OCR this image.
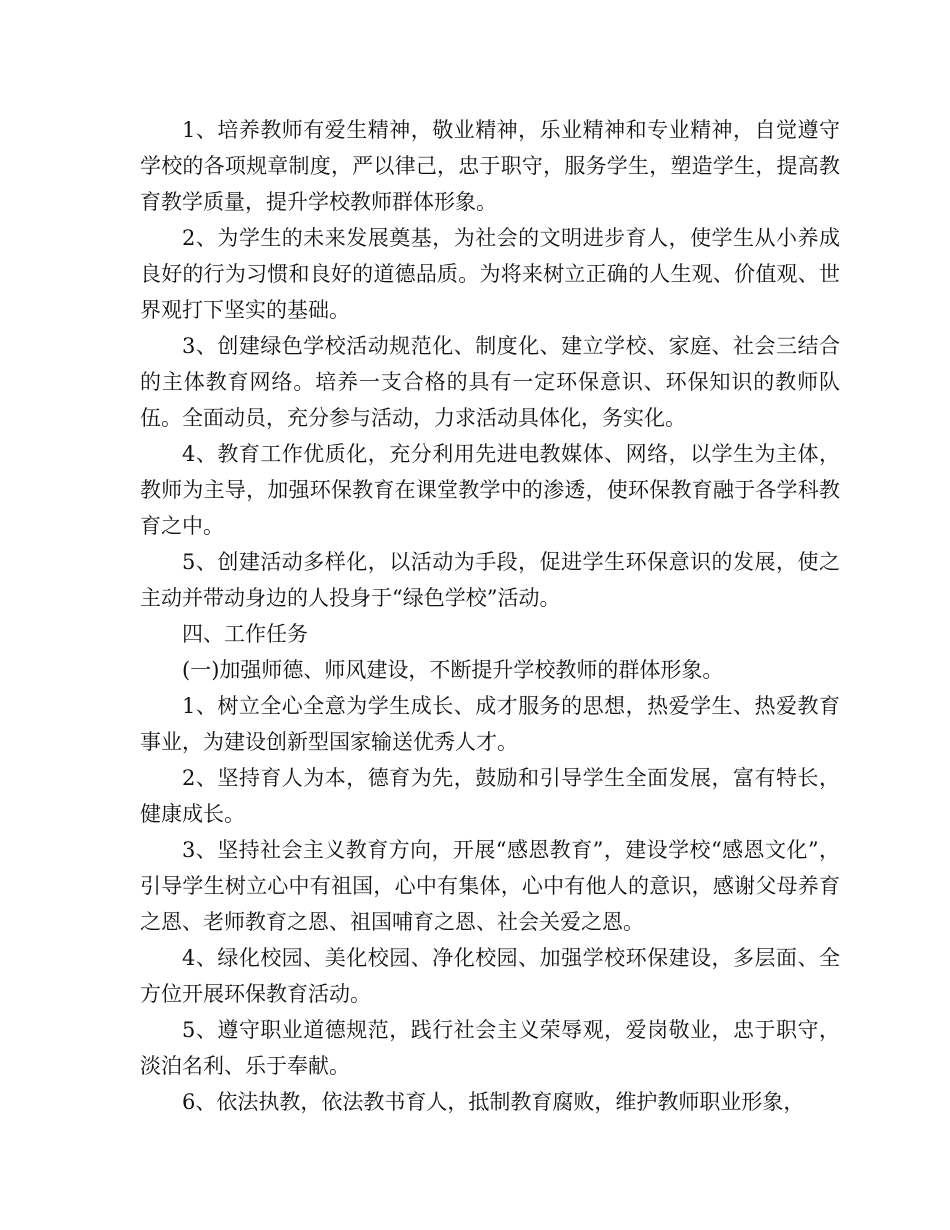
1、培养教师有爱生精神，敬业精神，乐业精神和专业精神，自觉遵守学校的各项规章制度，严以律己，忠于职守，服务学生，塑造学生，提高教育教学质量，提升学校教师群体形象。

2、为学生的未来发展奠基，为社会的文明进步育人，使学生从小养成良好的行为习惯和良好的道德品质。为将来树立正确的人生观、价值观、世界观打下坚实的基础。

3、创建绿色学校活动规范化、制度化、建立学校、家庭、社会三结合的主体教育网络。培养一支合格的具有一定环保意识、环保知识的教师队伍。全面动员，充分参与活动，力求活动具体化，务实化。

4、教育工作优质化，充分利用先进电教媒体、网络，以学生为主体，教师为主导，加强环保教育在课堂教学中的渗透，使环保教育融于各学科教育之中。

5、创建活动多样化，以活动为手段，促进学生环保意识的发展，使之主动并带动身边的人投身于“绿色学校”活动。

四、工作任务

(一)加强师德、师风建设，不断提升学校教师的群体形象。

1、树立全心全意为学生成长、成才服务的思想，热爱学生、热爱教育事业，为建设创新型国家输送优秀人才。

2、坚持育人为本，德育为先，鼓励和引导学生全面发展，富有特长，健康成长。

3、坚持社会主义教育方向，开展“感恩教育”，建设学校“感恩文化”，引导学生树立心中有祖国，心中有集体，心中有他人的意识，感谢父母养育之恩、老师教育之恩、祖国哺育之恩、社会关爱之恩。

4、绿化校园、美化校园、净化校园、加强学校环保建设，多层面、全方位开展环保教育活动。

5、遵守职业道德规范，践行社会主义荣辱观，爱岗敬业，忠于职守，淡泊名利、乐于奉献。

6、依法执教，依法教书育人，抵制教育腐败，维护教师职业形象，
